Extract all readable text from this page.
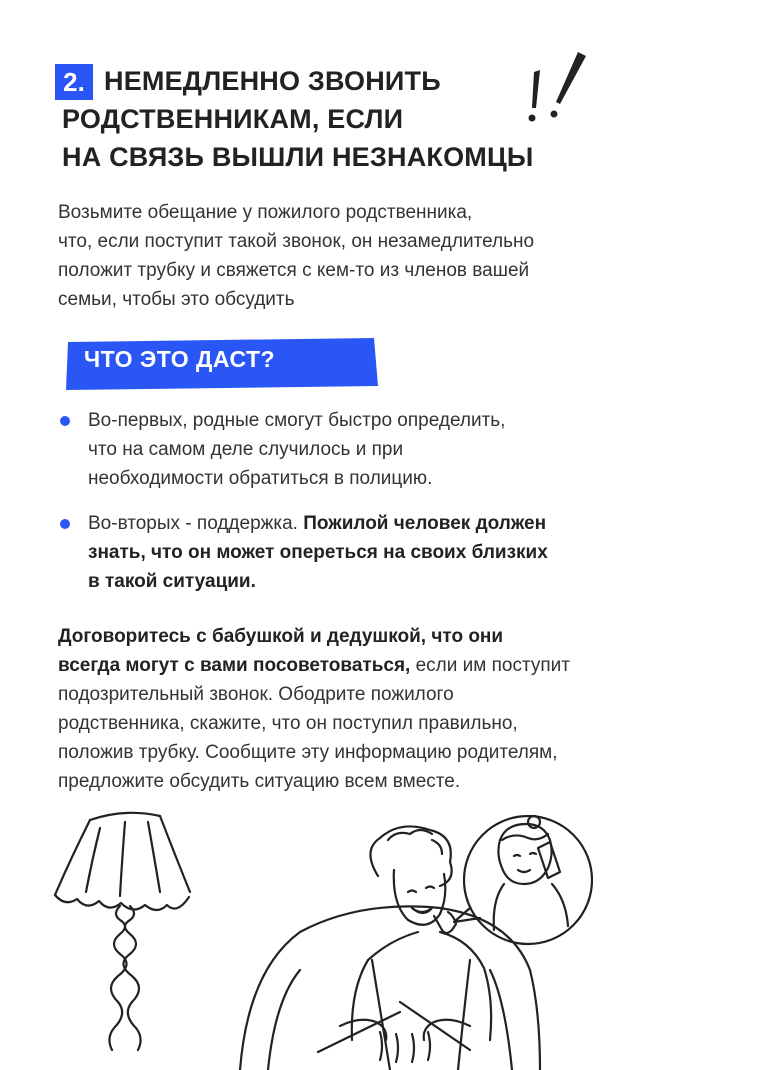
2. НЕМЕДЛЕННО ЗВОНИТЬ
РОДСТВЕННИКАМ, ЕСЛИ
НА СВЯЗЬ ВЫШЛИ НЕЗНАКОМЦЫ
Возьмите обещание у пожилого родственника,
что, если поступит такой звонок, он незамедлительно
положит трубку и свяжется с кем-то из членов вашей
семьи, чтобы это обсудить
ЧТО ЭТО ДАСТ?
Во-первых, родные смогут быстро определить,
что на самом деле случилось и при
необходимости обратиться в полицию.
Во-вторых - поддержка. Пожилой человек должен
знать, что он может опереться на своих близких
в такой ситуации.
Договоритесь с бабушкой и дедушкой, что они
всегда могут с вами посоветоваться, если им поступит
подозрительный звонок. Ободрите пожилого
родственника, скажите, что он поступил правильно,
положив трубку. Сообщите эту информацию родителям,
предложите обсудить ситуацию всем вместе.
